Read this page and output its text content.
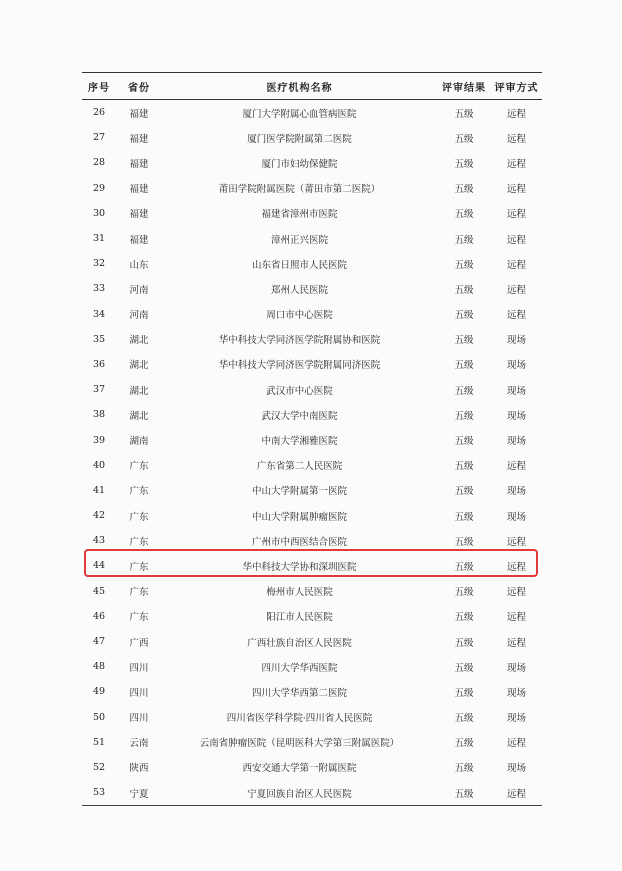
序号	省份	医疗机构名称	评审结果	评审方式
26	福建	厦门大学附属心血管病医院	五级	远程
27	福建	厦门医学院附属第二医院	五级	远程
28	福建	厦门市妇幼保健院	五级	远程
29	福建	莆田学院附属医院（莆田市第二医院）	五级	远程
30	福建	福建省漳州市医院	五级	远程
31	福建	漳州正兴医院	五级	远程
32	山东	山东省日照市人民医院	五级	远程
33	河南	郑州人民医院	五级	远程
34	河南	周口市中心医院	五级	远程
35	湖北	华中科技大学同济医学院附属协和医院	五级	现场
36	湖北	华中科技大学同济医学院附属同济医院	五级	现场
37	湖北	武汉市中心医院	五级	现场
38	湖北	武汉大学中南医院	五级	现场
39	湖南	中南大学湘雅医院	五级	现场
40	广东	广东省第二人民医院	五级	远程
41	广东	中山大学附属第一医院	五级	现场
42	广东	中山大学附属肿瘤医院	五级	现场
43	广东	广州市中西医结合医院	五级	远程
44	广东	华中科技大学协和深圳医院	五级	远程
45	广东	梅州市人民医院	五级	远程
46	广东	阳江市人民医院	五级	远程
47	广西	广西壮族自治区人民医院	五级	远程
48	四川	四川大学华西医院	五级	现场
49	四川	四川大学华西第二医院	五级	现场
50	四川	四川省医学科学院·四川省人民医院	五级	现场
51	云南	云南省肿瘤医院（昆明医科大学第三附属医院）	五级	远程
52	陕西	西安交通大学第一附属医院	五级	现场
53	宁夏	宁夏回族自治区人民医院	五级	远程
